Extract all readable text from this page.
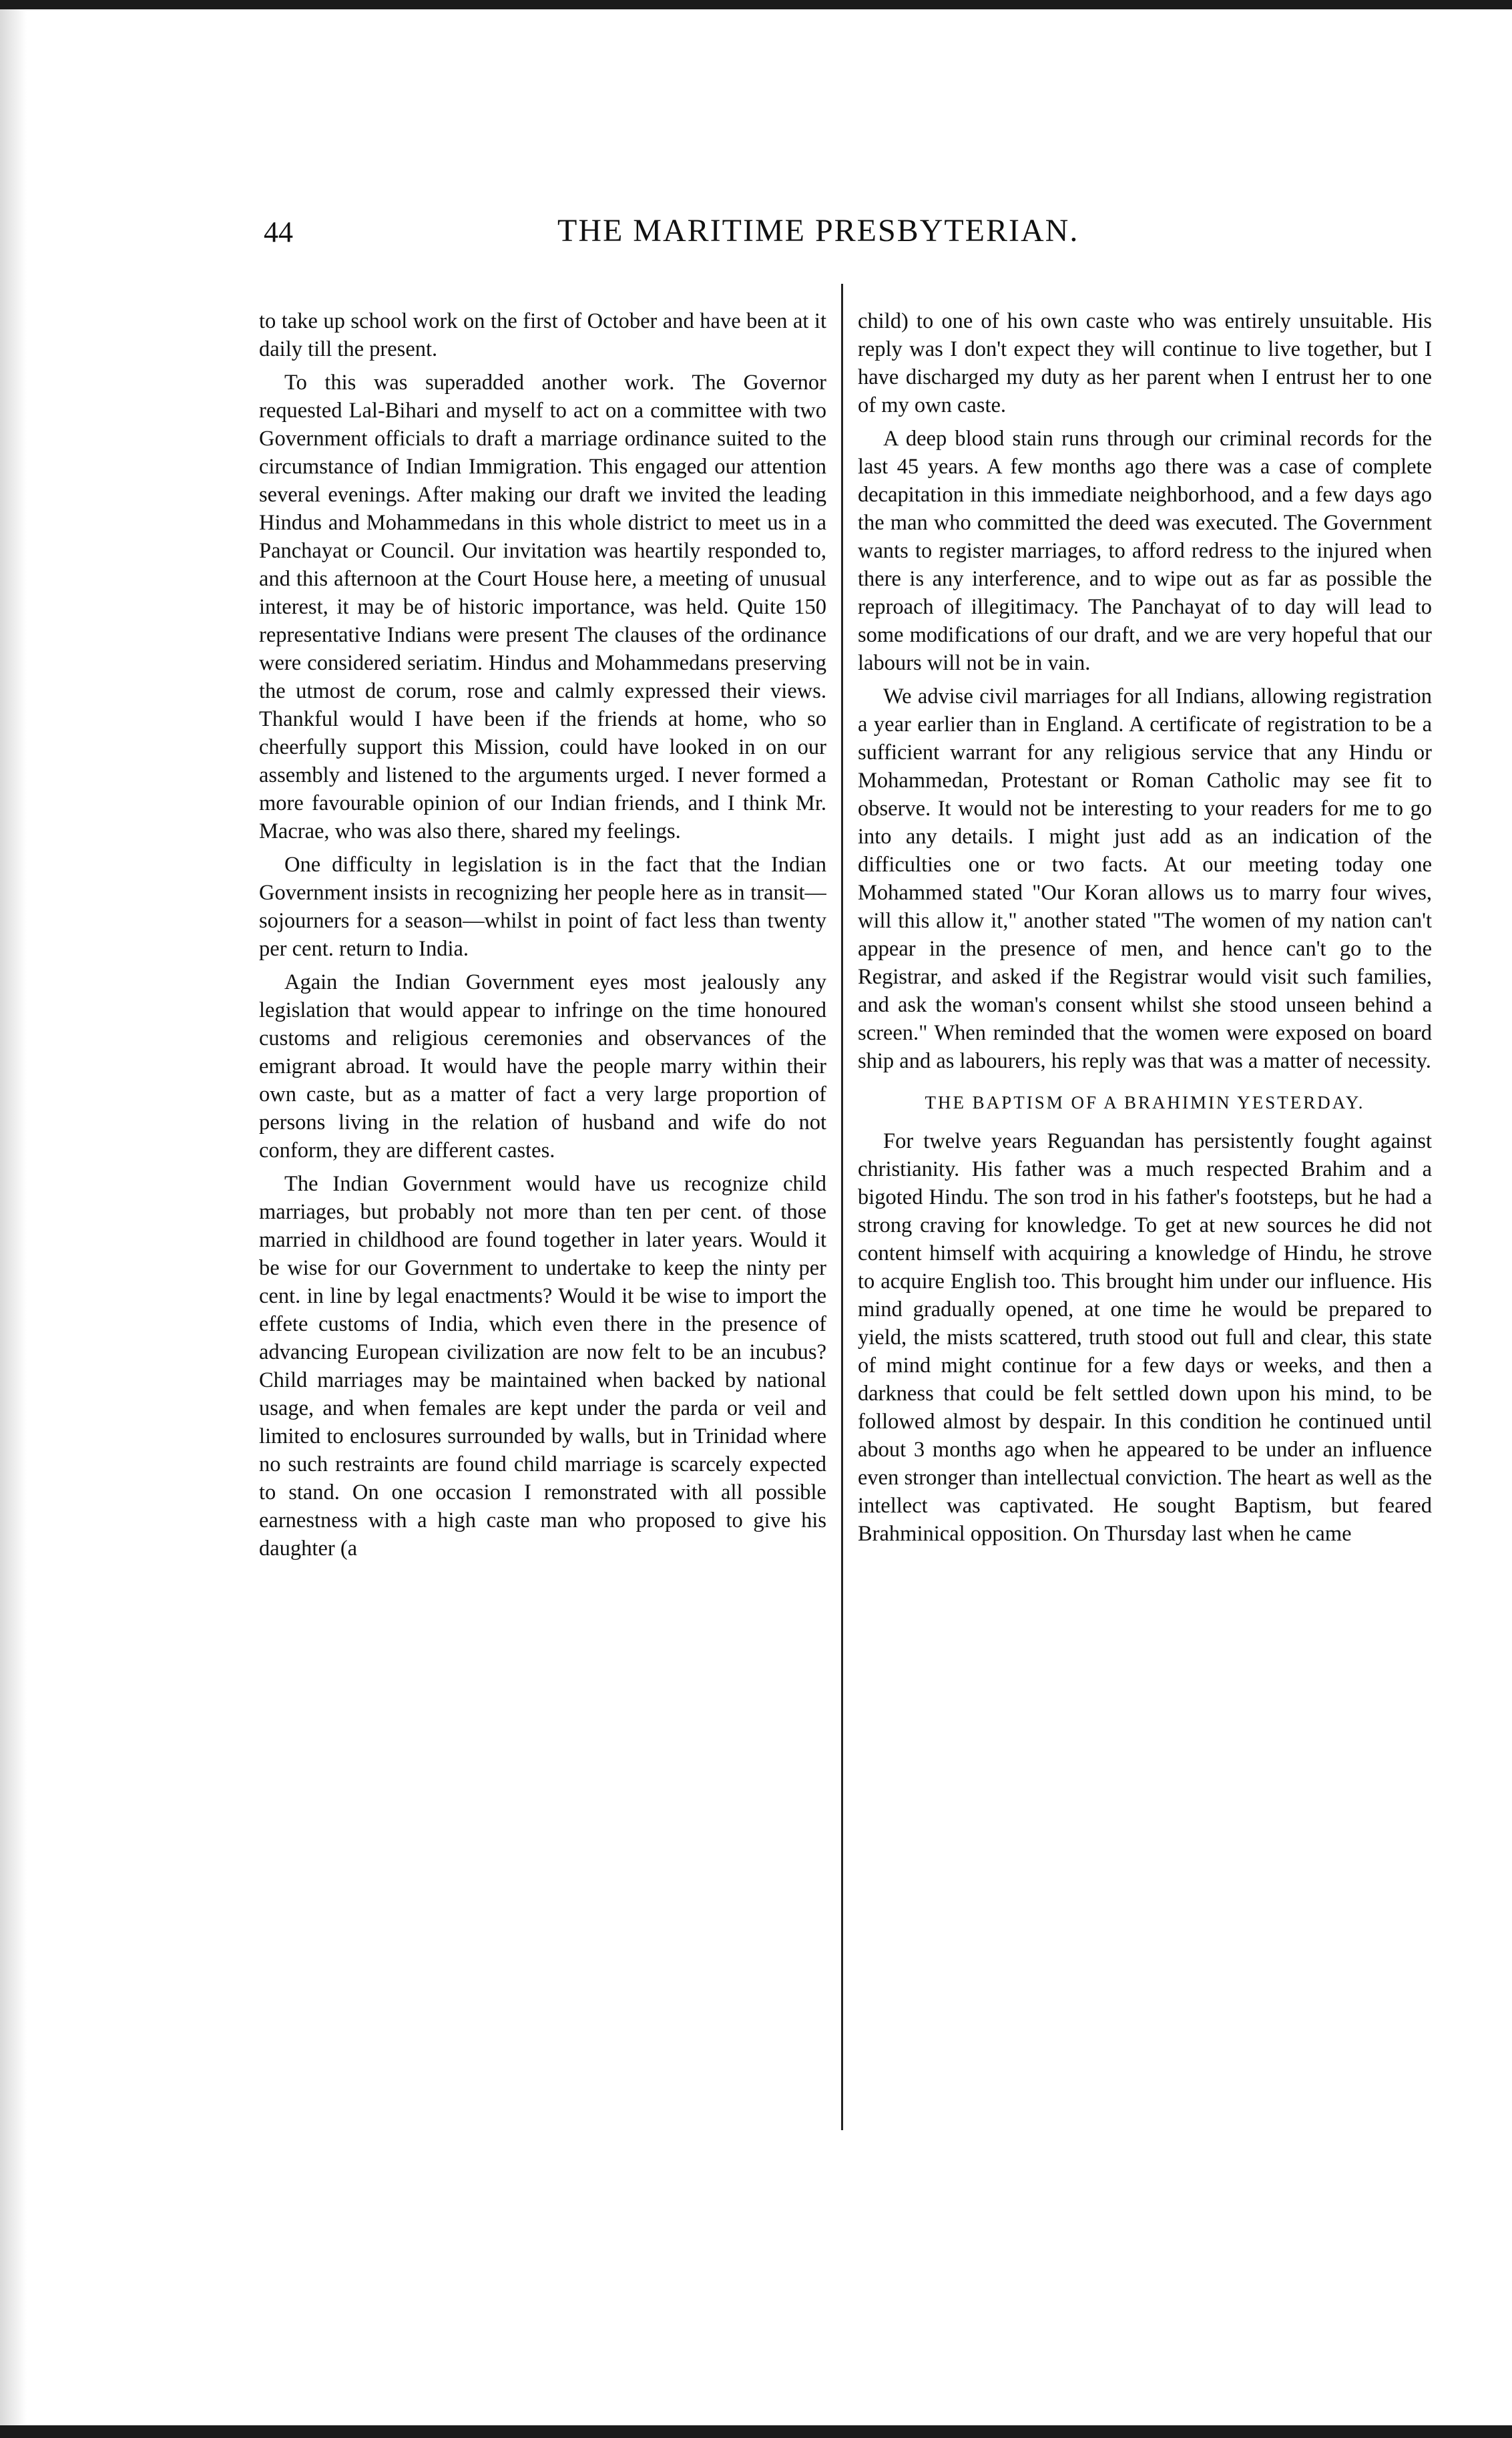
44	THE MARITIME PRESBYTERIAN.

to take up school work on the first of October and have been at it daily till the present.

To this was superadded another work. The Governor requested Lal-Bihari and myself to act on a committee with two Government officials to draft a marriage ordinance suited to the circumstance of Indian Immigration. This engaged our attention several evenings. After making our draft we invited the leading Hindus and Mohammedans in this whole district to meet us in a Panchayat or Council. Our invitation was heartily responded to, and this afternoon at the Court House here, a meeting of unusual interest, it may be of historic importance, was held. Quite 150 representative Indians were present The clauses of the ordinance were considered seriatim. Hindus and Mohammedans preserving the utmost de corum, rose and calmly expressed their views. Thankful would I have been if the friends at home, who so cheerfully support this Mission, could have looked in on our assembly and listened to the arguments urged. I never formed a more favourable opinion of our Indian friends, and I think Mr. Macrae, who was also there, shared my feelings.

One difficulty in legislation is in the fact that the Indian Government insists in recognizing her people here as in transit—sojourners for a season—whilst in point of fact less than twenty per cent. return to India.

Again the Indian Government eyes most jealously any legislation that would appear to infringe on the time honoured customs and religious ceremonies and observances of the emigrant abroad. It would have the people marry within their own caste, but as a matter of fact a very large proportion of persons living in the relation of husband and wife do not conform, they are different castes.

The Indian Government would have us recognize child marriages, but probably not more than ten per cent. of those married in childhood are found together in later years. Would it be wise for our Government to undertake to keep the ninty per cent. in line by legal enactments? Would it be wise to import the effete customs of India, which even there in the presence of advancing European civilization are now felt to be an incubus? Child marriages may be maintained when backed by national usage, and when females are kept under the parda or veil and limited to enclosures surrounded by walls, but in Trinidad where no such restraints are found child marriage is scarcely expected to stand. On one occasion I remonstrated with all possible earnestness with a high caste man who proposed to give his daughter (a

child) to one of his own caste who was entirely unsuitable. His reply was I don't expect they will continue to live together, but I have discharged my duty as her parent when I entrust her to one of my own caste.

A deep blood stain runs through our criminal records for the last 45 years. A few months ago there was a case of complete decapitation in this immediate neighborhood, and a few days ago the man who committed the deed was executed. The Government wants to register marriages, to afford redress to the injured when there is any interference, and to wipe out as far as possible the reproach of illegitimacy. The Panchayat of to day will lead to some modifications of our draft, and we are very hopeful that our labours will not be in vain.

We advise civil marriages for all Indians, allowing registration a year earlier than in England. A certificate of registration to be a sufficient warrant for any religious service that any Hindu or Mohammedan, Protestant or Roman Catholic may see fit to observe. It would not be interesting to your readers for me to go into any details. I might just add as an indication of the difficulties one or two facts. At our meeting today one Mohammed stated "Our Koran allows us to marry four wives, will this allow it," another stated "The women of my nation can't appear in the presence of men, and hence can't go to the Registrar, and asked if the Registrar would visit such families, and ask the woman's consent whilst she stood unseen behind a screen." When reminded that the women were exposed on board ship and as labourers, his reply was that was a matter of necessity.

THE BAPTISM OF A BRAHIMIN YESTERDAY.

For twelve years Reguandan has persistently fought against christianity. His father was a much respected Brahim and a bigoted Hindu. The son trod in his father's footsteps, but he had a strong craving for knowledge. To get at new sources he did not content himself with acquiring a knowledge of Hindu, he strove to acquire English too. This brought him under our influence. His mind gradually opened, at one time he would be prepared to yield, the mists scattered, truth stood out full and clear, this state of mind might continue for a few days or weeks, and then a darkness that could be felt settled down upon his mind, to be followed almost by despair. In this condition he continued until about 3 months ago when he appeared to be under an influence even stronger than intellectual conviction. The heart as well as the intellect was captivated. He sought Baptism, but feared Brahminical opposition. On Thursday last when he came
